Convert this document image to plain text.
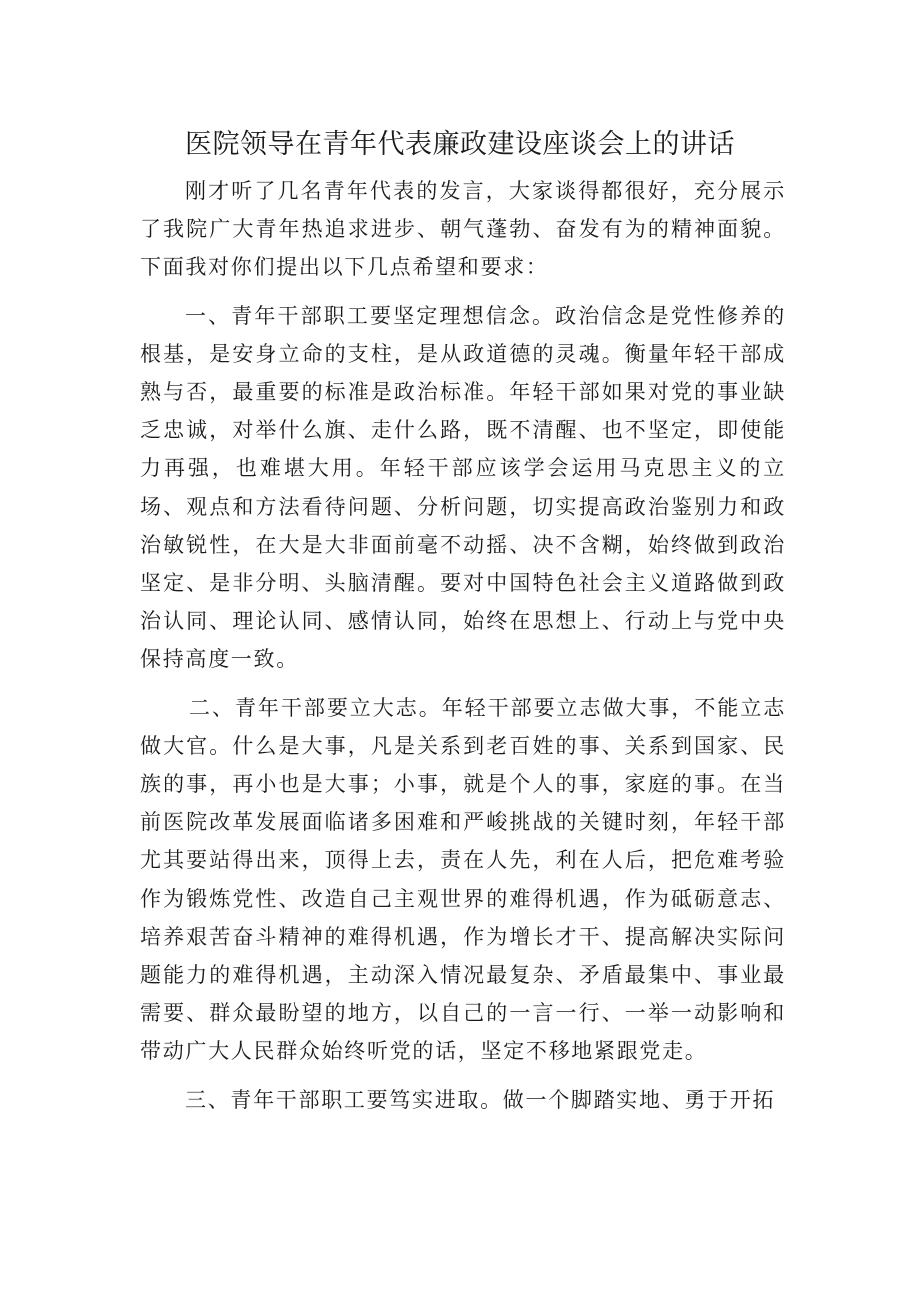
医院领导在青年代表廉政建设座谈会上的讲话

刚才听了几名青年代表的发言，大家谈得都很好，充分展示了我院广大青年热追求进步、朝气蓬勃、奋发有为的精神面貌。下面我对你们提出以下几点希望和要求：

一、青年干部职工要坚定理想信念。政治信念是党性修养的根基，是安身立命的支柱，是从政道德的灵魂。衡量年轻干部成熟与否，最重要的标准是政治标准。年轻干部如果对党的事业缺乏忠诚，对举什么旗、走什么路，既不清醒、也不坚定，即使能力再强，也难堪大用。年轻干部应该学会运用马克思主义的立场、观点和方法看待问题、分析问题，切实提高政治鉴别力和政治敏锐性，在大是大非面前毫不动摇、决不含糊，始终做到政治坚定、是非分明、头脑清醒。要对中国特色社会主义道路做到政治认同、理论认同、感情认同，始终在思想上、行动上与党中央保持高度一致。

二、青年干部要立大志。年轻干部要立志做大事，不能立志做大官。什么是大事，凡是关系到老百姓的事、关系到国家、民族的事，再小也是大事；小事，就是个人的事，家庭的事。在当前医院改革发展面临诸多困难和严峻挑战的关键时刻，年轻干部尤其要站得出来，顶得上去，责在人先，利在人后，把危难考验作为锻炼党性、改造自己主观世界的难得机遇，作为砥砺意志、培养艰苦奋斗精神的难得机遇，作为增长才干、提高解决实际问题能力的难得机遇，主动深入情况最复杂、矛盾最集中、事业最需要、群众最盼望的地方，以自己的一言一行、一举一动影响和带动广大人民群众始终听党的话，坚定不移地紧跟党走。

三、青年干部职工要笃实进取。做一个脚踏实地、勇于开拓
